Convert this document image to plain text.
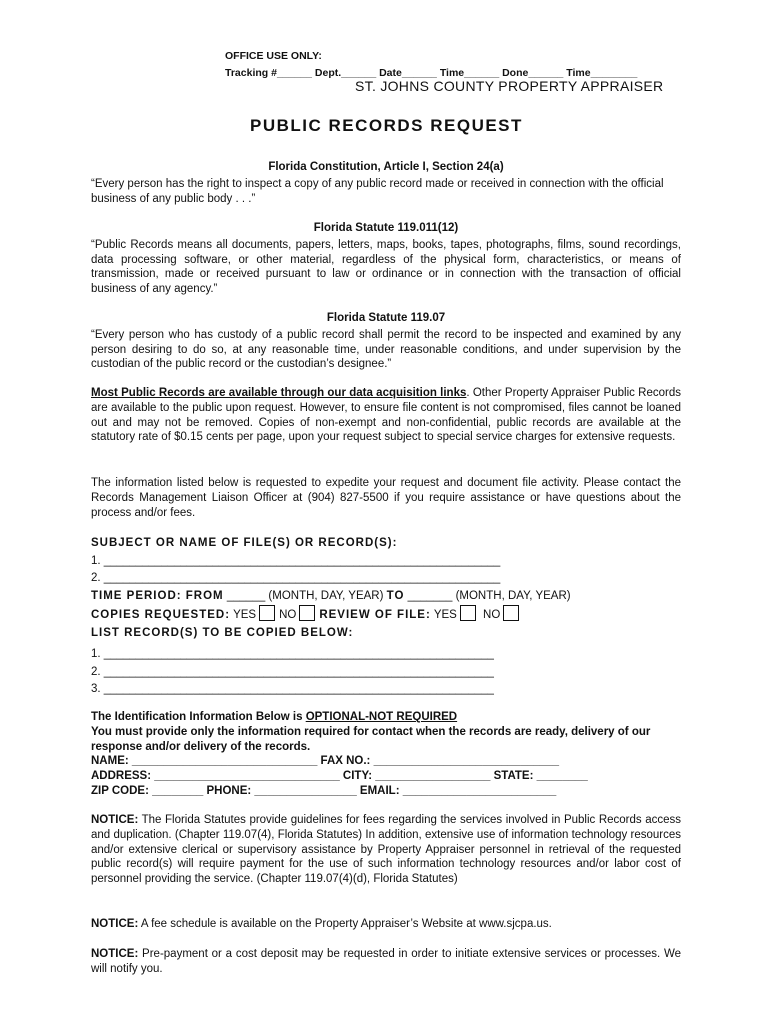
OFFICE USE ONLY:
Tracking #______ Dept.______ Date______ Time______ Done______ Time________
ST. JOHNS COUNTY PROPERTY APPRAISER
PUBLIC RECORDS REQUEST
Florida Constitution, Article I, Section 24(a)
“Every person has the right to inspect a copy of any public record made or received in connection with the official business of any public body . . .”
Florida Statute 119.011(12)
“Public Records means all documents, papers, letters, maps, books, tapes, photographs, films, sound recordings, data processing software, or other material, regardless of the physical form, characteristics, or means of transmission, made or received pursuant to law or ordinance or in connection with the transaction of official business of any agency.”
Florida Statute 119.07
“Every person who has custody of a public record shall permit the record to be inspected and examined by any person desiring to do so, at any reasonable time, under reasonable conditions, and under supervision by the custodian of the public record or the custodian’s designee.”
Most Public Records are available through our data acquisition links. Other Property Appraiser Public Records are available to the public upon request. However, to ensure file content is not compromised, files cannot be loaned out and may not be removed. Copies of non-exempt and non-confidential, public records are available at the statutory rate of $0.15 cents per page, upon your request subject to special service charges for extensive requests.
The information listed below is requested to expedite your request and document file activity. Please contact the Records Management Liaison Officer at (904) 827-5500 if you require assistance or have questions about the process and/or fees.
SUBJECT OR NAME OF FILE(S) OR RECORD(S):
1. ______________________________________________________________
2. ______________________________________________________________
TIME PERIOD: FROM ______ (MONTH, DAY, YEAR) TO _______ (MONTH, DAY, YEAR)
COPIES REQUESTED: YES NO REVIEW OF FILE: YES NO
LIST RECORD(S) TO BE COPIED BELOW:
1. _____________________________________________________________
2. _____________________________________________________________
3. _____________________________________________________________
The Identification Information Below is OPTIONAL-NOT REQUIRED
You must provide only the information required for contact when the records are ready, delivery of our response and/or delivery of the records.
NAME: _____________________________ FAX NO.: _____________________________
ADDRESS: _____________________________ CITY: __________________ STATE: ________
ZIP CODE: ________ PHONE: ________________ EMAIL: ________________________
NOTICE: The Florida Statutes provide guidelines for fees regarding the services involved in Public Records access and duplication. (Chapter 119.07(4), Florida Statutes) In addition, extensive use of information technology resources and/or extensive clerical or supervisory assistance by Property Appraiser personnel in retrieval of the requested public record(s) will require payment for the use of such information technology resources and/or labor cost of personnel providing the service. (Chapter 119.07(4)(d), Florida Statutes)
NOTICE: A fee schedule is available on the Property Appraiser’s Website at www.sjcpa.us.
NOTICE: Pre-payment or a cost deposit may be requested in order to initiate extensive services or processes. We will notify you.
